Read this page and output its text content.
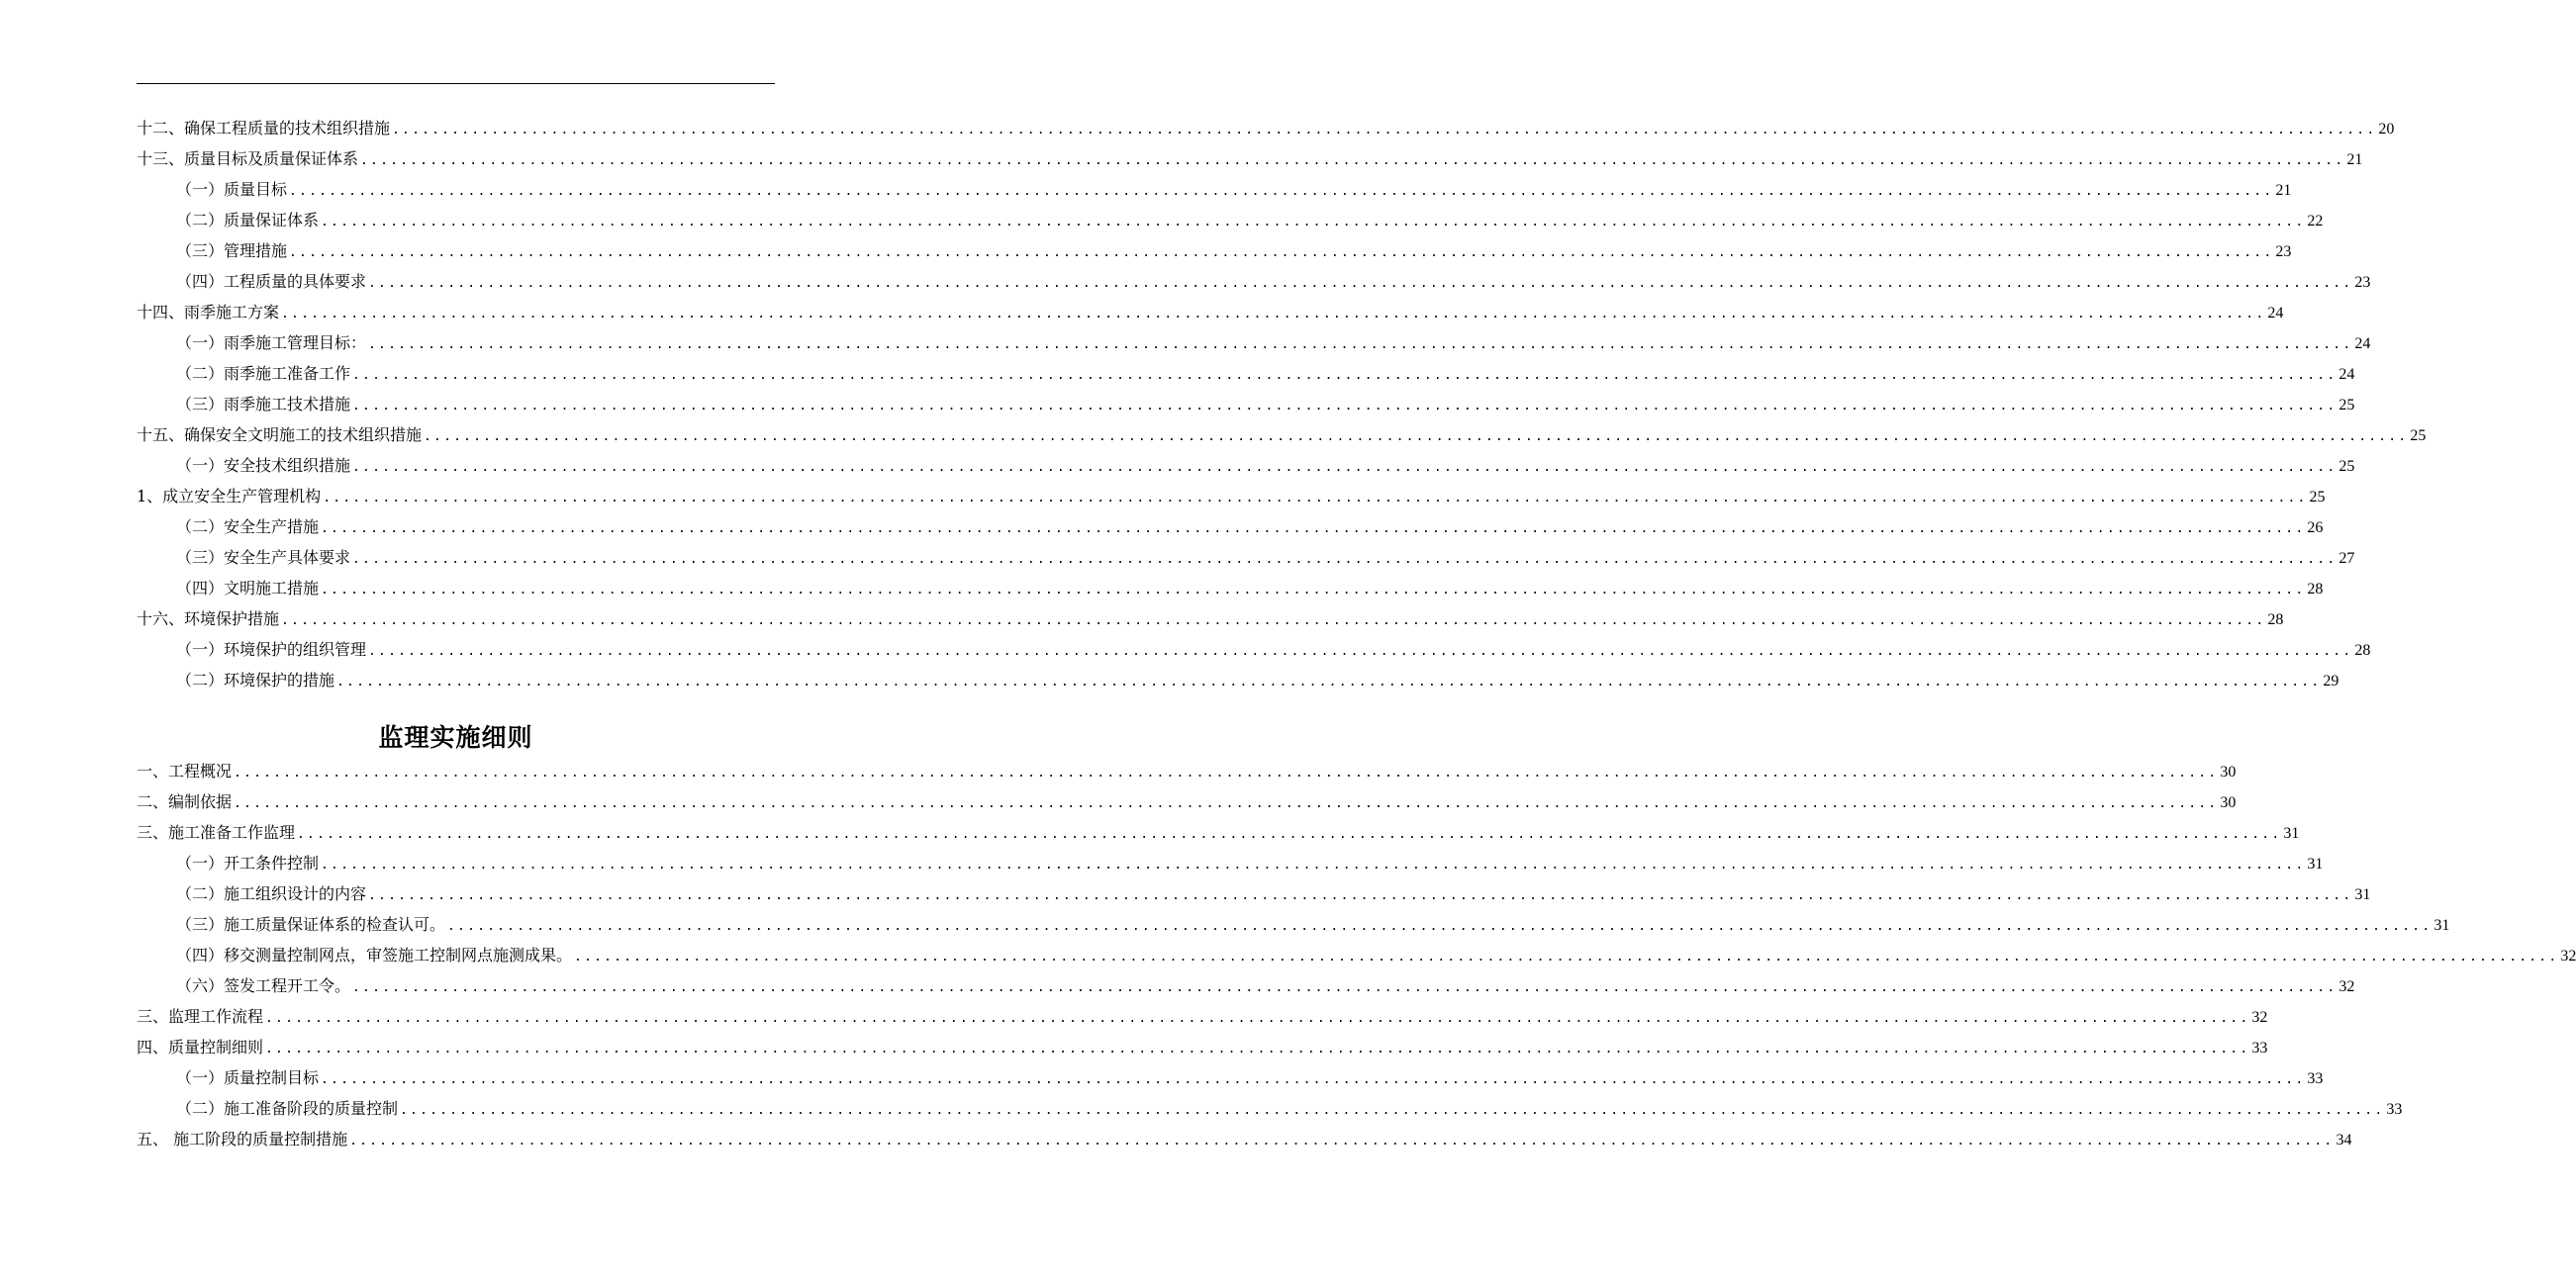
十二、确保工程质量的技术组织措施 ........................................................................................................................................................................................................ 20
十三、质量目标及质量保证体系 ........................................................................................................................................................................................................ 21
（一）质量目标 ........................................................................................................................................................................................................ 21
（二）质量保证体系 ........................................................................................................................................................................................................ 22
（三）管理措施 ........................................................................................................................................................................................................ 23
（四）工程质量的具体要求 ........................................................................................................................................................................................................ 23
十四、雨季施工方案 ........................................................................................................................................................................................................ 24
（一）雨季施工管理目标： ........................................................................................................................................................................................................ 24
（二）雨季施工准备工作 ........................................................................................................................................................................................................ 24
（三）雨季施工技术措施 ........................................................................................................................................................................................................ 25
十五、确保安全文明施工的技术组织措施 ........................................................................................................................................................................................................ 25
（一）安全技术组织措施 ........................................................................................................................................................................................................ 25
1、成立安全生产管理机构 ........................................................................................................................................................................................................ 25
（二）安全生产措施 ........................................................................................................................................................................................................ 26
（三）安全生产具体要求 ........................................................................................................................................................................................................ 27
（四）文明施工措施 ........................................................................................................................................................................................................ 28
十六、环境保护措施 ........................................................................................................................................................................................................ 28
（一）环境保护的组织管理 ........................................................................................................................................................................................................ 28
（二）环境保护的措施 ........................................................................................................................................................................................................ 29
监理实施细则
一、工程概况 ........................................................................................................................................................................................................ 30
二、编制依据 ........................................................................................................................................................................................................ 30
三、施工准备工作监理 ........................................................................................................................................................................................................ 31
（一）开工条件控制 ........................................................................................................................................................................................................ 31
（二）施工组织设计的内容 ........................................................................................................................................................................................................ 31
（三）施工质量保证体系的检查认可。 ........................................................................................................................................................................................................ 31
（四）移交测量控制网点，审签施工控制网点施测成果。 ........................................................................................................................................................................................................ 32
（六）签发工程开工令。 ........................................................................................................................................................................................................ 32
三、监理工作流程 ........................................................................................................................................................................................................ 32
四、质量控制细则 ........................................................................................................................................................................................................ 33
（一）质量控制目标 ........................................................................................................................................................................................................ 33
（二）施工准备阶段的质量控制 ........................................................................................................................................................................................................ 33
五、 施工阶段的质量控制措施 ........................................................................................................................................................................................................ 34
